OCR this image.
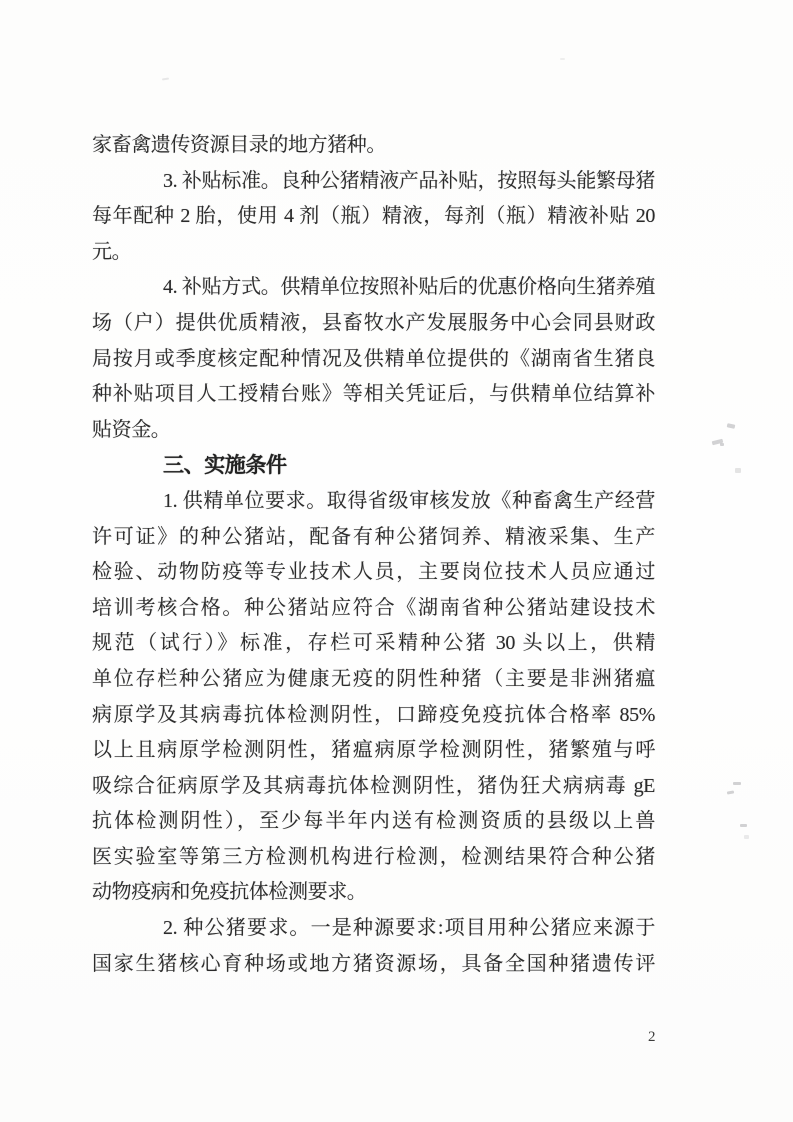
家畜禽遗传资源目录的地方猪种。
3. 补贴标准。良种公猪精液产品补贴，按照每头能繁母猪
每年配种 2 胎，使用 4 剂（瓶）精液，每剂（瓶）精液补贴 20
元。
4. 补贴方式。供精单位按照补贴后的优惠价格向生猪养殖
场（户）提供优质精液，县畜牧水产发展服务中心会同县财政
局按月或季度核定配种情况及供精单位提供的《湖南省生猪良
种补贴项目人工授精台账》等相关凭证后，与供精单位结算补
贴资金。
三、实施条件
1. 供精单位要求。取得省级审核发放《种畜禽生产经营
许可证》的种公猪站，配备有种公猪饲养、精液采集、生产
检验、动物防疫等专业技术人员，主要岗位技术人员应通过
培训考核合格。种公猪站应符合《湖南省种公猪站建设技术
规范（试行）》标准，存栏可采精种公猪 30 头以上，供精
单位存栏种公猪应为健康无疫的阴性种猪（主要是非洲猪瘟
病原学及其病毒抗体检测阴性，口蹄疫免疫抗体合格率 85%
以上且病原学检测阴性，猪瘟病原学检测阴性，猪繁殖与呼
吸综合征病原学及其病毒抗体检测阴性，猪伪狂犬病病毒 gE
抗体检测阴性），至少每半年内送有检测资质的县级以上兽
医实验室等第三方检测机构进行检测，检测结果符合种公猪
动物疫病和免疫抗体检测要求。
2. 种公猪要求。一是种源要求:项目用种公猪应来源于
国家生猪核心育种场或地方猪资源场，具备全国种猪遗传评
2
